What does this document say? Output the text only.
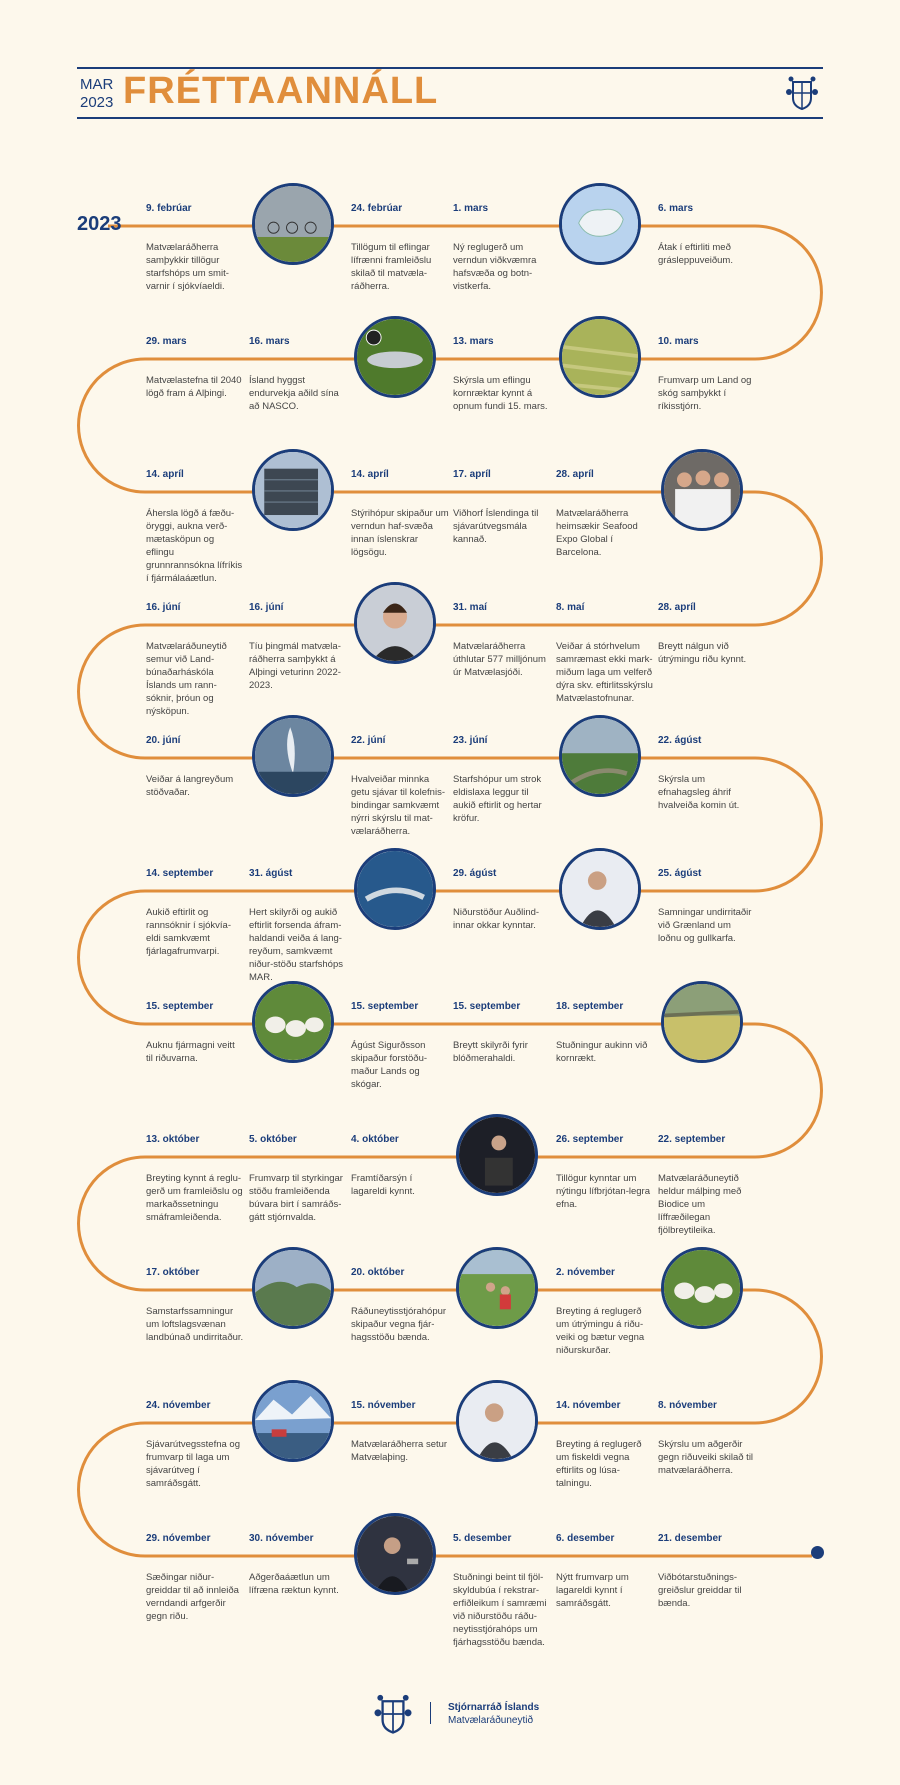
MAR
2023 FRÉTTAANNÁLL
2023
9. febrúar
Matvælaráðherra samþykkir tillögur starfshóps um smit-varnir í sjókvíaeldi.
24. febrúar
Tillögum til eflingar lífrænni framleiðslu skilað til matvæla-ráðherra.
1. mars
Ný reglugerð um verndun viðkvæmra hafsvæða og botn-vistkerfa.
6. mars
Átak í eftirliti með grásleppuveiðum.
29. mars
Matvælastefna til 2040 lögð fram á Alþingi.
16. mars
Ísland hyggst endurvekja aðild sína að NASCO.
13. mars
Skýrsla um eflingu kornræktar kynnt á opnum fundi 15. mars.
10. mars
Frumvarp um Land og skóg samþykkt í ríkisstjórn.
14. apríl
Áhersla lögð á fæðu-öryggi, aukna verð-mætasköpun og eflingu grunnrannsókna lífríkis í fjármálaáætlun.
14. apríl
Stýrihópur skipaður um verndun haf-svæða innan íslenskrar lögsögu.
17. apríl
Viðhorf Íslendinga til sjávarútvegsmála kannað.
28. apríl
Matvælaráðherra heimsækir Seafood Expo Global í Barcelona.
16. júní
Matvælaráðuneytið semur við Land-búnaðarháskóla Íslands um rann-sóknir, þróun og nýsköpun.
16. júní
Tíu þingmál matvæla-ráðherra samþykkt á Alþingi veturinn 2022-2023.
31. maí
Matvælaráðherra úthlutar 577 milljónum úr Matvælasjóði.
8. maí
Veiðar á stórhvelum samræmast ekki mark-miðum laga um velferð dýra skv. eftirlitsskýrslu Matvælastofnunar.
28. apríl
Breytt nálgun við útrýmingu riðu kynnt.
20. júní
Veiðar á langreyðum stöðvaðar.
22. júní
Hvalveiðar minnka getu sjávar til kolefnis-bindingar samkvæmt nýrri skýrslu til mat-vælaráðherra.
23. júní
Starfshópur um strok eldislaxa leggur til aukið eftirlit og hertar kröfur.
22. ágúst
Skýrsla um efnahagsleg áhrif hvalveiða komin út.
14. september
Aukið eftirlit og rannsóknir í sjókvía-eldi samkvæmt fjárlagafrumvarpi.
31. ágúst
Hert skilyrði og aukið eftirlit forsenda áfram-haldandi veiða á lang-reyðum, samkvæmt niður-stöðu starfshóps MAR.
29. ágúst
Niðurstöður Auðlind-innar okkar kynntar.
25. ágúst
Samningar undirritaðir við Grænland um loðnu og gullkarfa.
15. september
Auknu fjármagni veitt til riðuvarna.
15. september
Ágúst Sigurðsson skipaður forstöðu-maður Lands og skógar.
15. september
Breytt skilyrði fyrir blóðmerahaldi.
18. september
Stuðningur aukinn við kornrækt.
13. október
Breyting kynnt á reglu-gerð um framleiðslu og markaðssetningu smáframleiðenda.
5. október
Frumvarp til styrkingar stöðu framleiðenda búvara birt í samráðs-gátt stjórnvalda.
4. október
Framtíðarsýn í lagareldi kynnt.
26. september
Tillögur kynntar um nýtingu lífbrjótan-legra efna.
22. september
Matvælaráðuneytið heldur málþing með Biodice um líffræðilegan fjölbreytileika.
17. október
Samstarfssamningur um loftslagsvænan landbúnað undirritaður.
20. október
Ráðuneytisstjórahópur skipaður vegna fjár-hagsstöðu bænda.
2. nóvember
Breyting á reglugerð um útrýmingu á riðu-veiki og bætur vegna niðurskurðar.
24. nóvember
Sjávarútvegsstefna og frumvarp til laga um sjávarútveg í samráðsgátt.
15. nóvember
Matvælaráðherra setur Matvælaþing.
14. nóvember
Breyting á reglugerð um fiskeldi vegna eftirlits og lúsa-talningu.
8. nóvember
Skýrslu um aðgerðir gegn riðuveiki skilað til matvælaráðherra.
29. nóvember
Sæðingar niður-greiddar til að innleiða verndandi arfgerðir gegn riðu.
30. nóvember
Aðgerðaáætlun um lífræna ræktun kynnt.
5. desember
Stuðningi beint til fjöl-skyldubúa í rekstrar-erfiðleikum í samræmi við niðurstöðu ráðu-neytisstjórahóps um fjárhagsstöðu bænda.
6. desember
Nýtt frumvarp um lagareldi kynnt í samráðsgátt.
21. desember
Viðbótarstuðnings-greiðslur greiddar til bænda.
Stjórnarráð Íslands
Matvælaráðuneytið
